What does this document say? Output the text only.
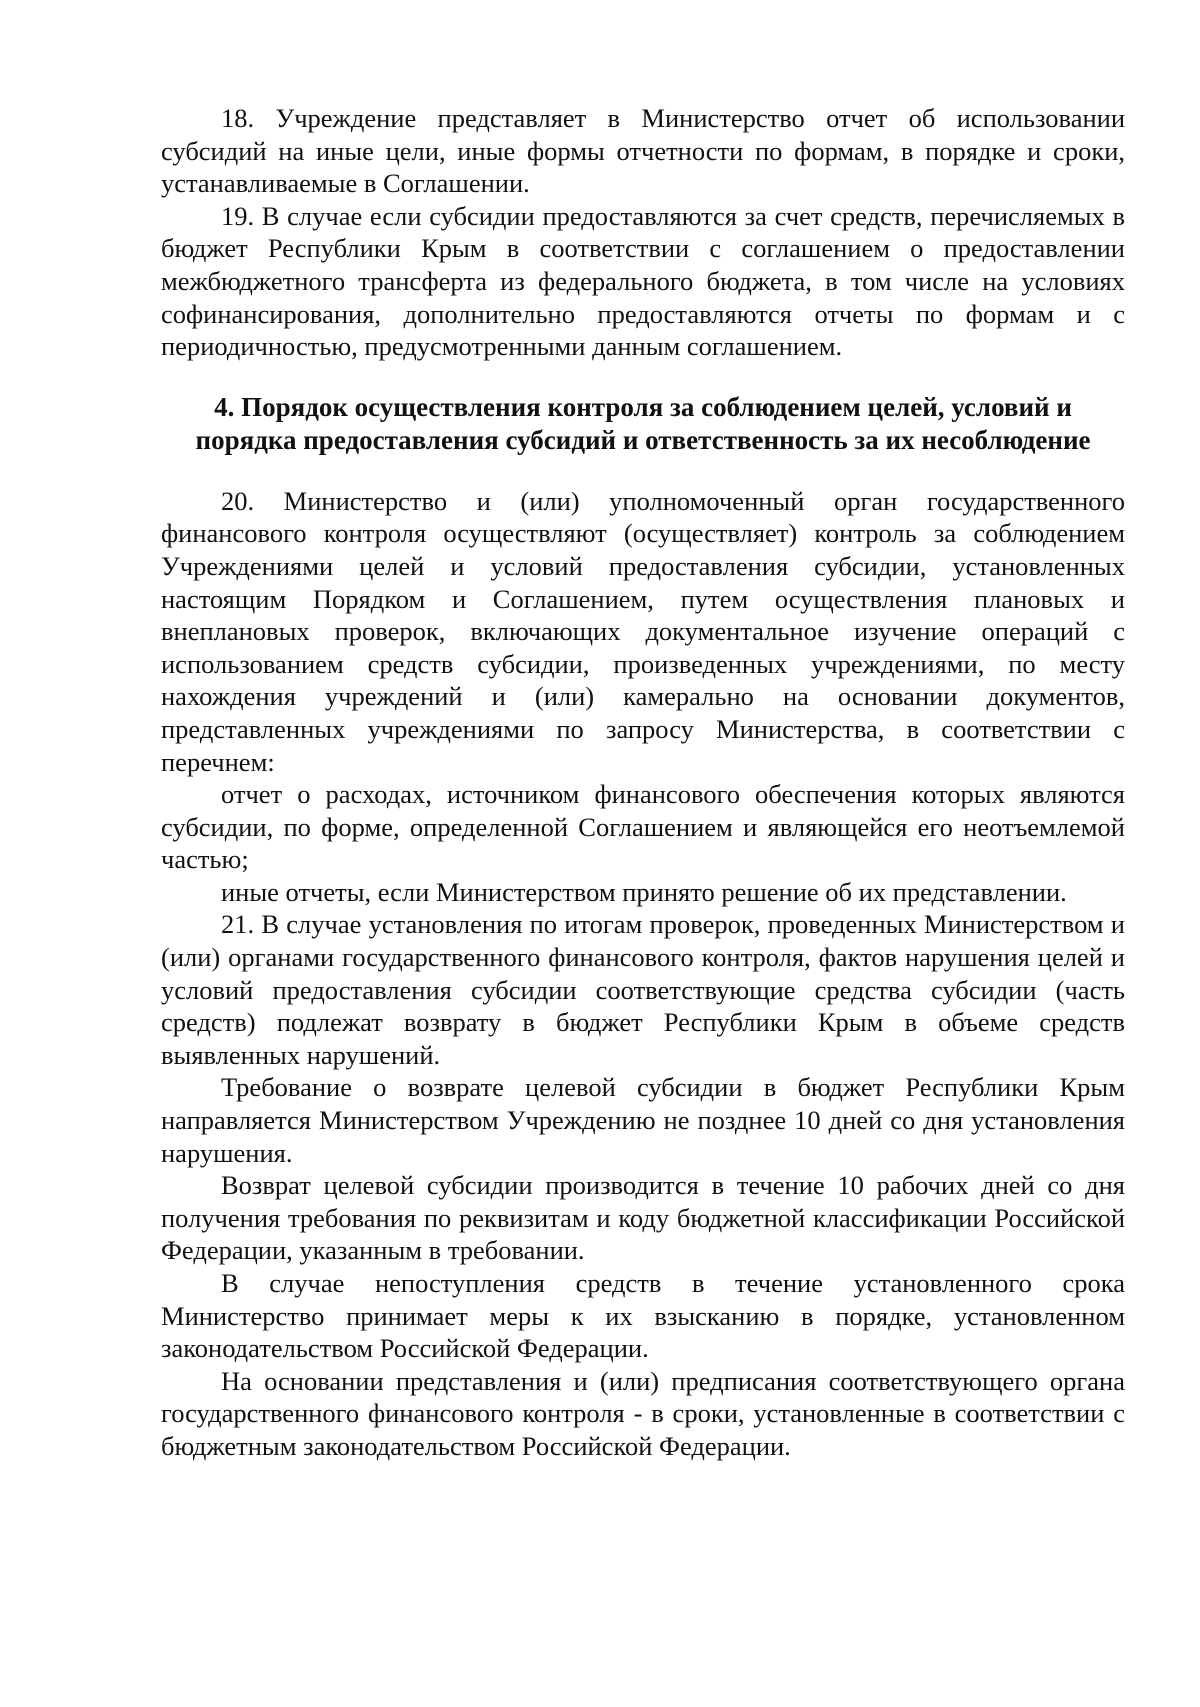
18. Учреждение представляет в Министерство отчет об использовании субсидий на иные цели, иные формы отчетности по формам, в порядке и сроки, устанавливаемые в Соглашении.

19. В случае если субсидии предоставляются за счет средств, перечисляемых в бюджет Республики Крым в соответствии с соглашением о предоставлении межбюджетного трансферта из федерального бюджета, в том числе на условиях софинансирования, дополнительно предоставляются отчеты по формам и с периодичностью, предусмотренными данным соглашением.

4. Порядок осуществления контроля за соблюдением целей, условий и
порядка предоставления субсидий и ответственность за их несоблюдение

20. Министерство и (или) уполномоченный орган государственного финансового контроля осуществляют (осуществляет) контроль за соблюдением Учреждениями целей и условий предоставления субсидии, установленных настоящим Порядком и Соглашением, путем осуществления плановых и внеплановых проверок, включающих документальное изучение операций с использованием средств субсидии, произведенных учреждениями, по месту нахождения учреждений и (или) камерально на основании документов, представленных учреждениями по запросу Министерства, в соответствии с перечнем:

отчет о расходах, источником финансового обеспечения которых являются субсидии, по форме, определенной Соглашением и являющейся его неотъемлемой частью;

иные отчеты, если Министерством принято решение об их представлении.

21. В случае установления по итогам проверок, проведенных Министерством и (или) органами государственного финансового контроля, фактов нарушения целей и условий предоставления субсидии соответствующие средства субсидии (часть средств) подлежат возврату в бюджет Республики Крым в объеме средств выявленных нарушений.

Требование о возврате целевой субсидии в бюджет Республики Крым направляется Министерством Учреждению не позднее 10 дней со дня установления нарушения.

Возврат целевой субсидии производится в течение 10 рабочих дней со дня получения требования по реквизитам и коду бюджетной классификации Российской Федерации, указанным в требовании.

В случае непоступления средств в течение установленного срока Министерство принимает меры к их взысканию в порядке, установленном законодательством Российской Федерации.

На основании представления и (или) предписания соответствующего органа государственного финансового контроля - в сроки, установленные в соответствии с бюджетным законодательством Российской Федерации.
